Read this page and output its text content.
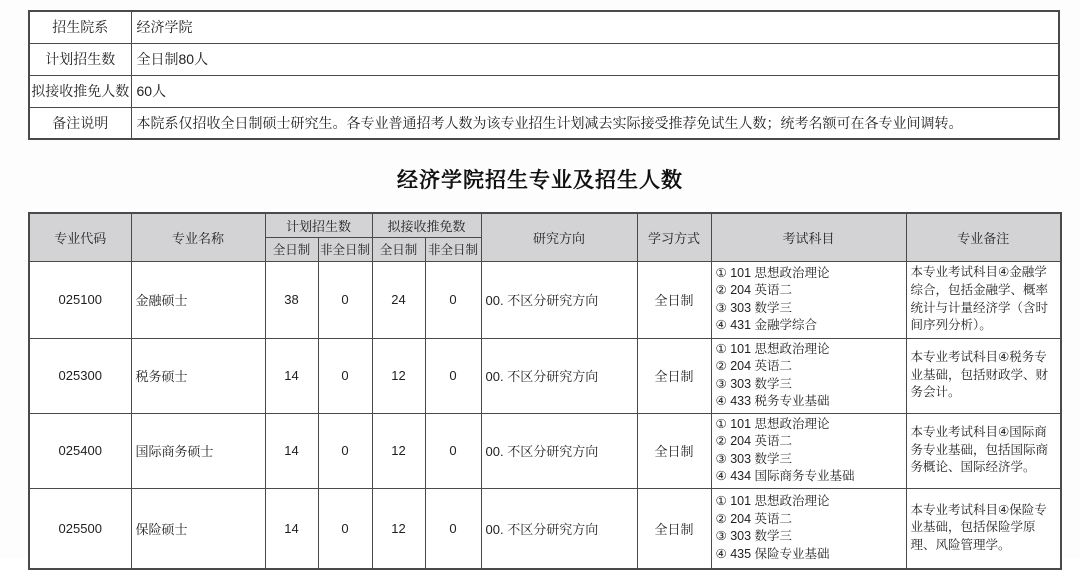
招生院系	经济学院
计划招生数	全日制80人
拟接收推免人数	60人
备注说明	本院系仅招收全日制硕士研究生。各专业普通招考人数为该专业招生计划减去实际接受推荐免试生人数；统考名额可在各专业间调转。
经济学院招生专业及招生人数
专业代码	专业名称	计划招生数		拟接收推免数		研究方向	学习方式	考试科目	专业备注
		全日制	非全日制	全日制	非全日制				
025100	金融硕士	38	0	24	0	00. 不区分研究方向	全日制	① 101 思想政治理论
② 204 英语二
③ 303 数学三
④ 431 金融学综合	本专业考试科目④金融学综合，包括金融学、概率统计与计量经济学（含时间序列分析）。
025300	税务硕士	14	0	12	0	00. 不区分研究方向	全日制	① 101 思想政治理论
② 204 英语二
③ 303 数学三
④ 433 税务专业基础	本专业考试科目④税务专业基础，包括财政学、财务会计。
025400	国际商务硕士	14	0	12	0	00. 不区分研究方向	全日制	① 101 思想政治理论
② 204 英语二
③ 303 数学三
④ 434 国际商务专业基础	本专业考试科目④国际商务专业基础，包括国际商务概论、国际经济学。
025500	保险硕士	14	0	12	0	00. 不区分研究方向	全日制	① 101 思想政治理论
② 204 英语二
③ 303 数学三
④ 435 保险专业基础	本专业考试科目④保险专业基础，包括保险学原理、风险管理学。
